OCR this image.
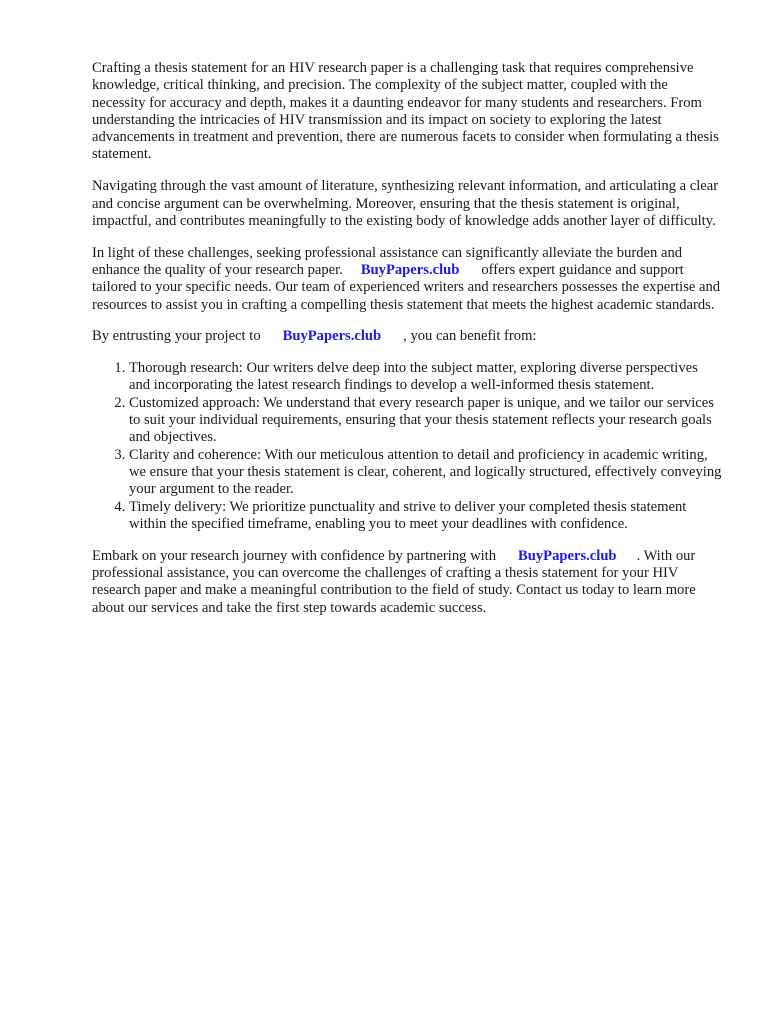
Crafting a thesis statement for an HIV research paper is a challenging task that requires comprehensive knowledge, critical thinking, and precision. The complexity of the subject matter, coupled with the necessity for accuracy and depth, makes it a daunting endeavor for many students and researchers. From understanding the intricacies of HIV transmission and its impact on society to exploring the latest advancements in treatment and prevention, there are numerous facets to consider when formulating a thesis statement.

Navigating through the vast amount of literature, synthesizing relevant information, and articulating a clear and concise argument can be overwhelming. Moreover, ensuring that the thesis statement is original, impactful, and contributes meaningfully to the existing body of knowledge adds another layer of difficulty.

In light of these challenges, seeking professional assistance can significantly alleviate the burden and enhance the quality of your research paper. BuyPapers.club offers expert guidance and support tailored to your specific needs. Our team of experienced writers and researchers possesses the expertise and resources to assist you in crafting a compelling thesis statement that meets the highest academic standards.

By entrusting your project to BuyPapers.club , you can benefit from:

1. Thorough research: Our writers delve deep into the subject matter, exploring diverse perspectives and incorporating the latest research findings to develop a well-informed thesis statement.
2. Customized approach: We understand that every research paper is unique, and we tailor our services to suit your individual requirements, ensuring that your thesis statement reflects your research goals and objectives.
3. Clarity and coherence: With our meticulous attention to detail and proficiency in academic writing, we ensure that your thesis statement is clear, coherent, and logically structured, effectively conveying your argument to the reader.
4. Timely delivery: We prioritize punctuality and strive to deliver your completed thesis statement within the specified timeframe, enabling you to meet your deadlines with confidence.

Embark on your research journey with confidence by partnering with BuyPapers.club . With our professional assistance, you can overcome the challenges of crafting a thesis statement for your HIV research paper and make a meaningful contribution to the field of study. Contact us today to learn more about our services and take the first step towards academic success.
